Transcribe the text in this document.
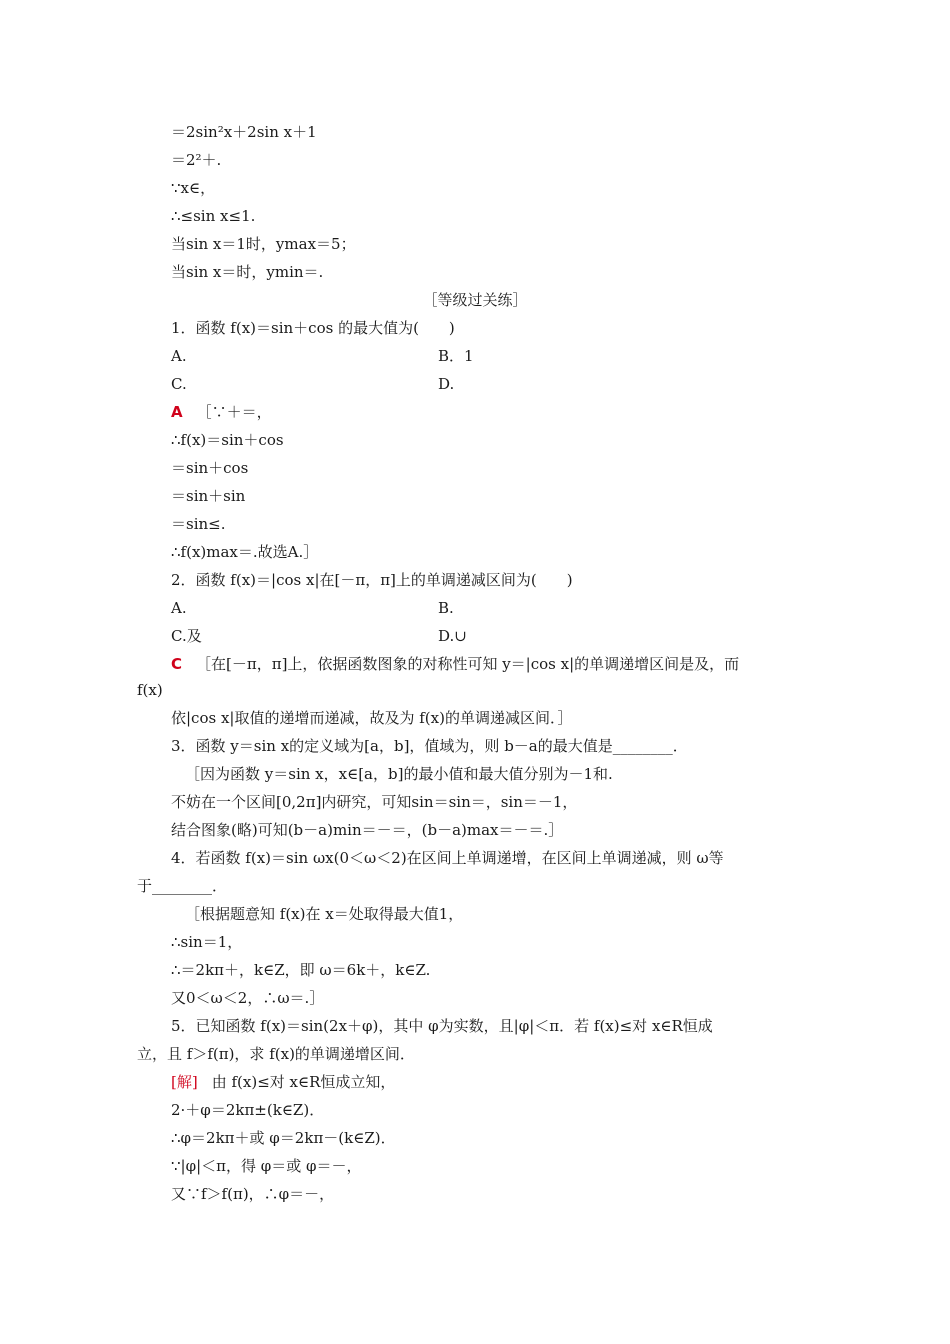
＝2sin²x＋2sin x＋1
＝2²＋.
∵x∈，
∴≤sin x≤1.
当sin x＝1时，ymax＝5；
当sin x＝时，ymin＝.
［等级过关练］
1．函数 f(x)＝sin＋cos 的最大值为(　　)
A.	B．1
C.	D.
A ［∵＋＝，
∴f(x)＝sin＋cos
＝sin＋cos
＝sin＋sin
＝sin≤.
∴f(x)max＝.故选A.］
2．函数 f(x)＝|cos x|在[－π，π]上的单调递减区间为(　　)
A.	B.
C.及	D.∪
C ［在[－π，π]上，依据函数图象的对称性可知 y＝|cos x|的单调递增区间是及，而
f(x)
依|cos x|取值的递增而递减，故及为 f(x)的单调递减区间．］
3．函数 y＝sin x的定义域为[a，b]，值域为，则 b－a的最大值是________．
［因为函数 y＝sin x，x∈[a，b]的最小值和最大值分别为－1和.
不妨在一个区间[0,2π]内研究，可知sin＝sin＝，sin＝－1，
结合图象(略)可知(b－a)min＝－＝，(b－a)max＝－＝.］
4．若函数 f(x)＝sin ωx(0＜ω＜2)在区间上单调递增，在区间上单调递减，则 ω等
于________．
［根据题意知 f(x)在 x＝处取得最大值1，
∴sin＝1，
∴＝2kπ＋，k∈Z，即 ω＝6k＋，k∈Z.
又0＜ω＜2，∴ω＝.］
5．已知函数 f(x)＝sin(2x＋φ)，其中 φ为实数，且|φ|＜π．若 f(x)≤对 x∈R恒成
立，且 f＞f(π)，求 f(x)的单调递增区间．
[解] 由 f(x)≤对 x∈R恒成立知，
2·＋φ＝2kπ±(k∈Z)．
∴φ＝2kπ＋或 φ＝2kπ－(k∈Z)．
∵|φ|＜π，得 φ＝或 φ＝－，
又∵f＞f(π)，∴φ＝－，
